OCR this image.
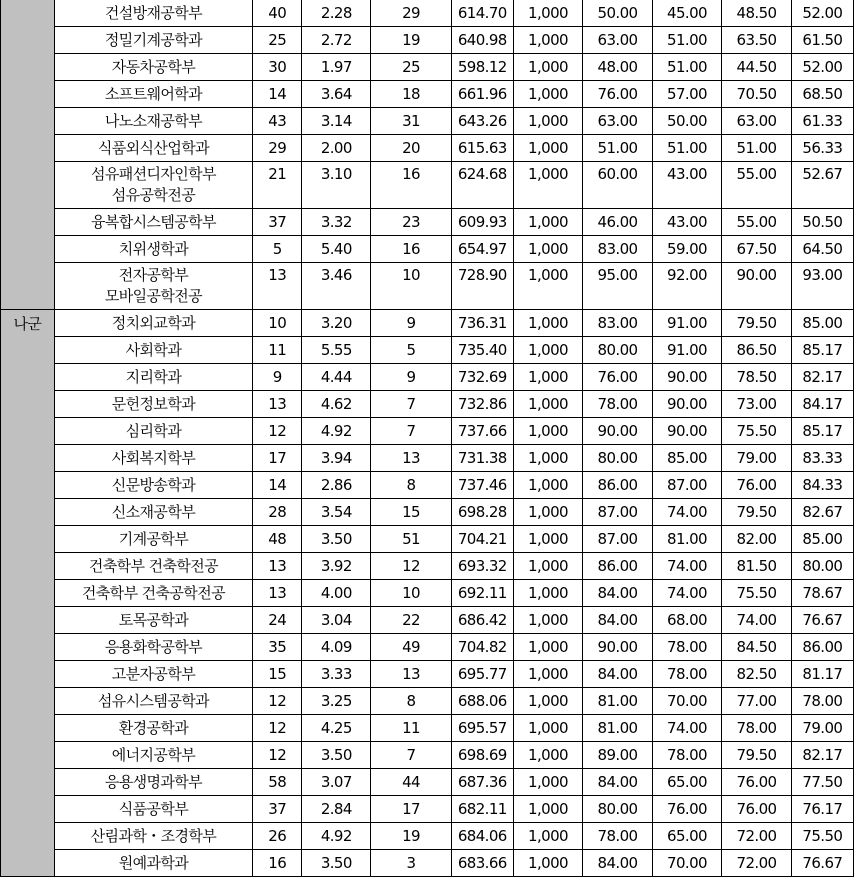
	건설방재공학부	40	2.28	29	614.70	1,000	50.00	45.00	48.50	52.00

	정밀기계공학과	25	2.72	19	640.98	1,000	63.00	51.00	63.50	61.50

	자동차공학부	30	1.97	25	598.12	1,000	48.00	51.00	44.50	52.00

	소프트웨어학과	14	3.64	18	661.96	1,000	76.00	57.00	70.50	68.50

	나노소재공학부	43	3.14	31	643.26	1,000	63.00	50.00	63.00	61.33

	식품외식산업학과	29	2.00	20	615.63	1,000	51.00	51.00	51.00	56.33

	섬유패션디자인학부
섬유공학전공	21	3.10	16	624.68	1,000	60.00	43.00	55.00	52.67

	융복합시스템공학부	37	3.32	23	609.93	1,000	46.00	43.00	55.00	50.50

	치위생학과	5	5.40	16	654.97	1,000	83.00	59.00	67.50	64.50

	전자공학부
모바일공학전공	13	3.46	10	728.90	1,000	95.00	92.00	90.00	93.00
나군	정치외교학과	10	3.20	9	736.31	1,000	83.00	91.00	79.50	85.00

	사회학과	11	5.55	5	735.40	1,000	80.00	91.00	86.50	85.17

	지리학과	9	4.44	9	732.69	1,000	76.00	90.00	78.50	82.17

	문헌정보학과	13	4.62	7	732.86	1,000	78.00	90.00	73.00	84.17

	심리학과	12	4.92	7	737.66	1,000	90.00	90.00	75.50	85.17

	사회복지학부	17	3.94	13	731.38	1,000	80.00	85.00	79.00	83.33

	신문방송학과	14	2.86	8	737.46	1,000	86.00	87.00	76.00	84.33

	신소재공학부	28	3.54	15	698.28	1,000	87.00	74.00	79.50	82.67

	기계공학부	48	3.50	51	704.21	1,000	87.00	81.00	82.00	85.00

	건축학부 건축학전공	13	3.92	12	693.32	1,000	86.00	74.00	81.50	80.00

	건축학부 건축공학전공	13	4.00	10	692.11	1,000	84.00	74.00	75.50	78.67

	토목공학과	24	3.04	22	686.42	1,000	84.00	68.00	74.00	76.67

	응용화학공학부	35	4.09	49	704.82	1,000	90.00	78.00	84.50	86.00

	고분자공학부	15	3.33	13	695.77	1,000	84.00	78.00	82.50	81.17

	섬유시스템공학과	12	3.25	8	688.06	1,000	81.00	70.00	77.00	78.00

	환경공학과	12	4.25	11	695.57	1,000	81.00	74.00	78.00	79.00

	에너지공학부	12	3.50	7	698.69	1,000	89.00	78.00	79.50	82.17

	응용생명과학부	58	3.07	44	687.36	1,000	84.00	65.00	76.00	77.50

	식품공학부	37	2.84	17	682.11	1,000	80.00	76.00	76.00	76.17

	산림과학・조경학부	26	4.92	19	684.06	1,000	78.00	65.00	72.00	75.50

	원예과학과	16	3.50	3	683.66	1,000	84.00	70.00	72.00	76.67
